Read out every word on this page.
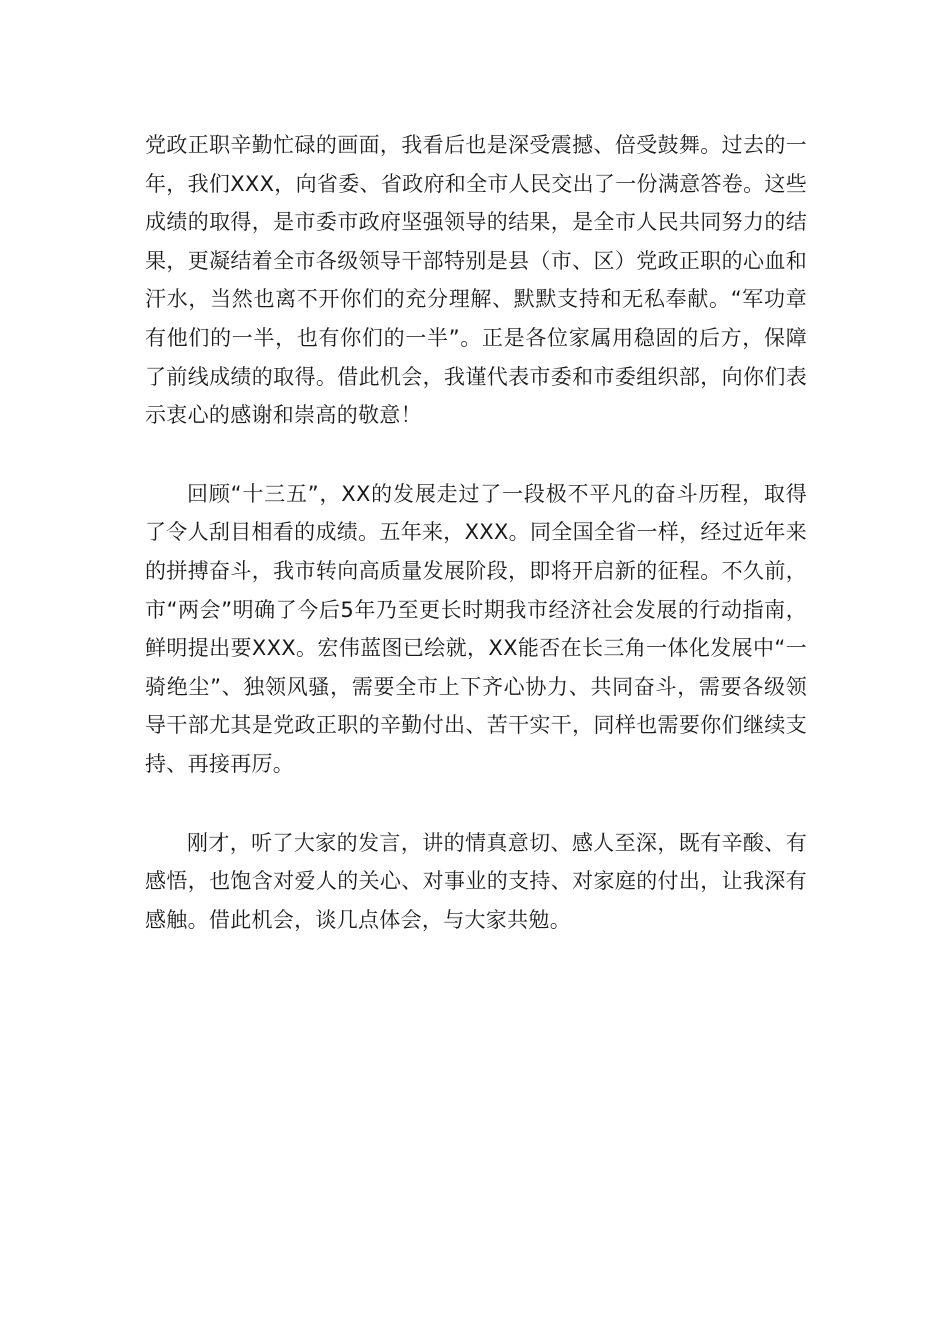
党政正职辛勤忙碌的画面，我看后也是深受震撼、倍受鼓舞。过去的一年，我们XXX，向省委、省政府和全市人民交出了一份满意答卷。这些成绩的取得，是市委市政府坚强领导的结果，是全市人民共同努力的结果，更凝结着全市各级领导干部特别是县（市、区）党政正职的心血和汗水，当然也离不开你们的充分理解、默默支持和无私奉献。“军功章有他们的一半，也有你们的一半”。正是各位家属用稳固的后方，保障了前线成绩的取得。借此机会，我谨代表市委和市委组织部，向你们表示衷心的感谢和崇高的敬意！

回顾“十三五”，XX的发展走过了一段极不平凡的奋斗历程，取得了令人刮目相看的成绩。五年来，XXX。同全国全省一样，经过近年来的拼搏奋斗，我市转向高质量发展阶段，即将开启新的征程。不久前，市“两会”明确了今后5年乃至更长时期我市经济社会发展的行动指南，鲜明提出要XXX。宏伟蓝图已绘就，XX能否在长三角一体化发展中“一骑绝尘”、独领风骚，需要全市上下齐心协力、共同奋斗，需要各级领导干部尤其是党政正职的辛勤付出、苦干实干，同样也需要你们继续支持、再接再厉。

刚才，听了大家的发言，讲的情真意切、感人至深，既有辛酸、有感悟，也饱含对爱人的关心、对事业的支持、对家庭的付出，让我深有感触。借此机会，谈几点体会，与大家共勉。
